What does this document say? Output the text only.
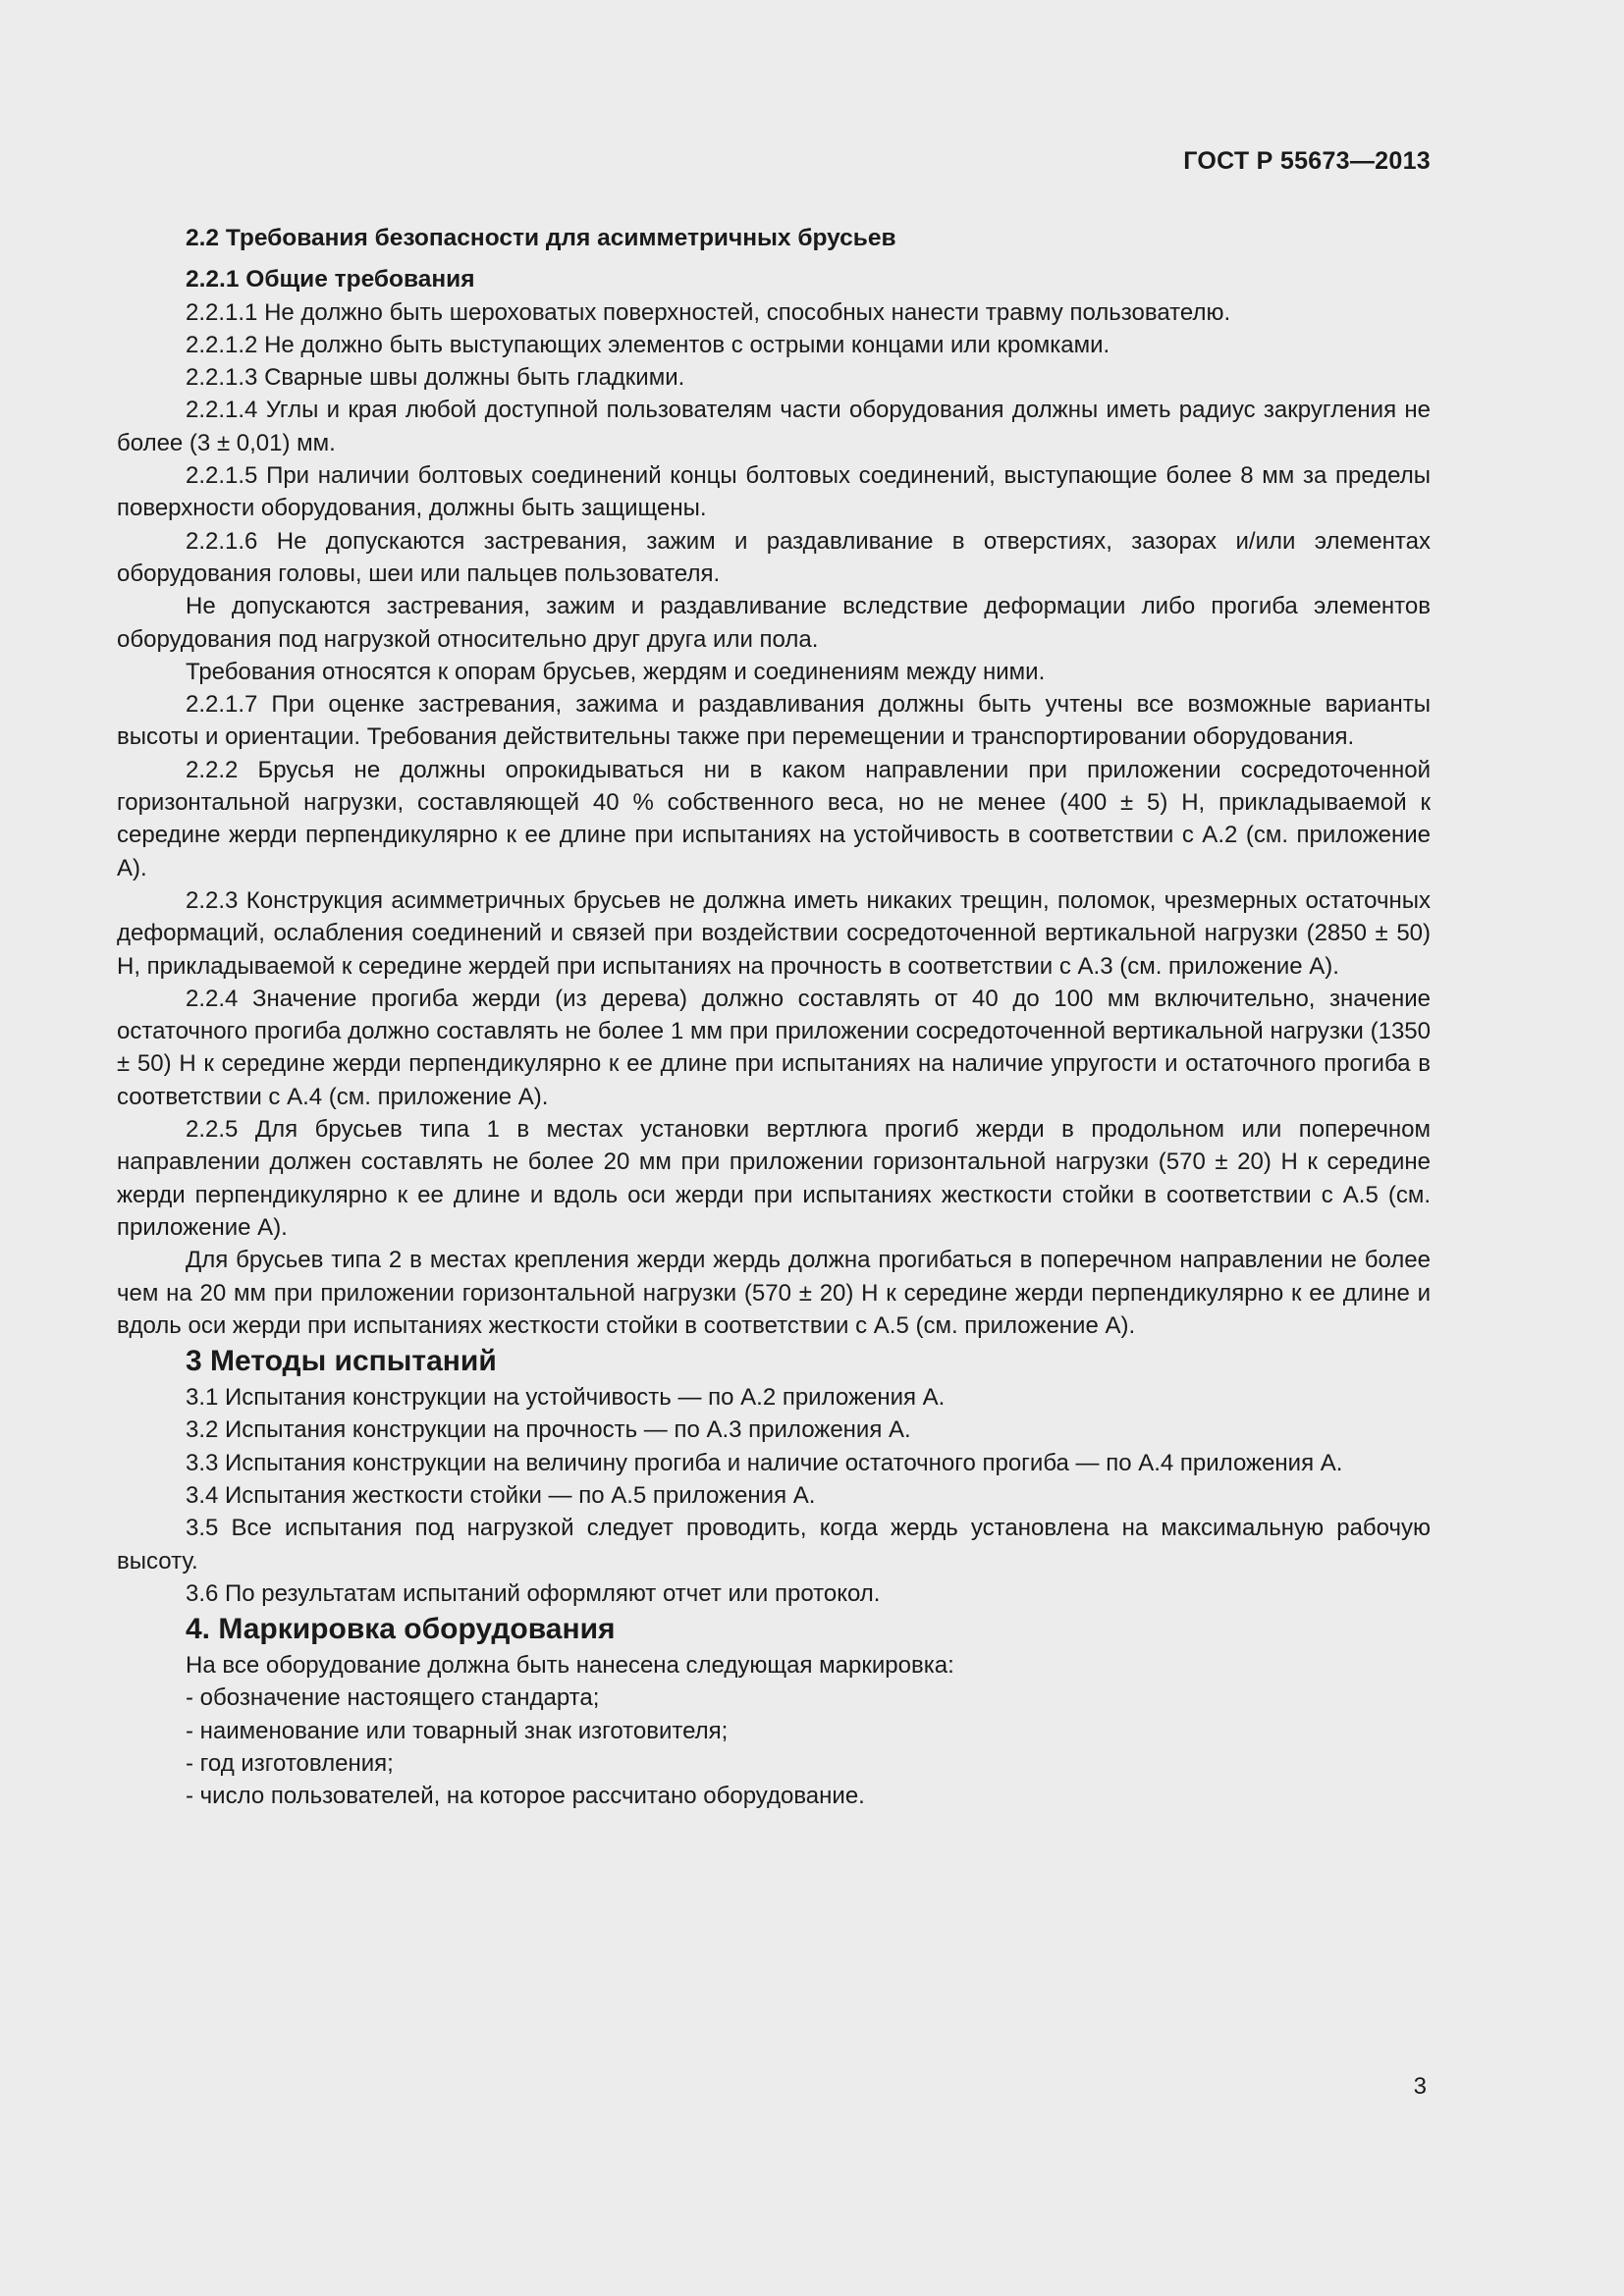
ГОСТ Р 55673—2013

2.2 Требования безопасности для асимметричных брусьев

2.2.1 Общие требования

2.2.1.1 Не должно быть шероховатых поверхностей, способных нанести травму пользователю.

2.2.1.2 Не должно быть выступающих элементов с острыми концами или кромками.

2.2.1.3 Сварные швы должны быть гладкими.

2.2.1.4 Углы и края любой доступной пользователям части оборудования должны иметь радиус закругления не более (3 ± 0,01) мм.

2.2.1.5 При наличии болтовых соединений концы болтовых соединений, выступающие более 8 мм за пределы поверхности оборудования, должны быть защищены.

2.2.1.6 Не допускаются застревания, зажим и раздавливание в отверстиях, зазорах и/или элементах оборудования головы, шеи или пальцев пользователя.

Не допускаются застревания, зажим и раздавливание вследствие деформации либо прогиба элементов оборудования под нагрузкой относительно друг друга или пола.

Требования относятся к опорам брусьев, жердям и соединениям между ними.

2.2.1.7 При оценке застревания, зажима и раздавливания должны быть учтены все возможные варианты высоты и ориентации. Требования действительны также при перемещении и транспортировании оборудования.

2.2.2 Брусья не должны опрокидываться ни в каком направлении при приложении сосредоточенной горизонтальной нагрузки, составляющей 40 % собственного веса, но не менее (400 ± 5) Н, прикладываемой к середине жерди перпендикулярно к ее длине при испытаниях на устойчивость в соответствии с А.2 (см. приложение А).

2.2.3 Конструкция асимметричных брусьев не должна иметь никаких трещин, поломок, чрезмерных остаточных деформаций, ослабления соединений и связей при воздействии сосредоточенной вертикальной нагрузки (2850 ± 50) Н, прикладываемой к середине жердей при испытаниях на прочность в соответствии с А.3 (см. приложение А).

2.2.4 Значение прогиба жерди (из дерева) должно составлять от 40 до 100 мм включительно, значение остаточного прогиба должно составлять не более 1 мм при приложении сосредоточенной вертикальной нагрузки (1350 ± 50) Н к середине жерди перпендикулярно к ее длине при испытаниях на наличие упругости и остаточного прогиба в соответствии с А.4 (см. приложение А).

2.2.5 Для брусьев типа 1 в местах установки вертлюга прогиб жерди в продольном или поперечном направлении должен составлять не более 20 мм при приложении горизонтальной нагрузки (570 ± 20) Н к середине жерди перпендикулярно к ее длине и вдоль оси жерди при испытаниях жесткости стойки в соответствии с А.5 (см. приложение А).

Для брусьев типа 2 в местах крепления жерди жердь должна прогибаться в поперечном направлении не более чем на 20 мм при приложении горизонтальной нагрузки (570 ± 20) Н к середине жерди перпендикулярно к ее длине и вдоль оси жерди при испытаниях жесткости стойки в соответствии с А.5 (см. приложение А).

3 Методы испытаний

3.1 Испытания конструкции на устойчивость — по А.2 приложения А.

3.2 Испытания конструкции на прочность — по А.3 приложения А.

3.3 Испытания конструкции на величину прогиба и наличие остаточного прогиба — по А.4 приложения А.

3.4 Испытания жесткости стойки — по А.5 приложения А.

3.5 Все испытания под нагрузкой следует проводить, когда жердь установлена на максимальную рабочую высоту.

3.6 По результатам испытаний оформляют отчет или протокол.

4. Маркировка оборудования

На все оборудование должна быть нанесена следующая маркировка:

- обозначение настоящего стандарта;

- наименование или товарный знак изготовителя;

- год изготовления;

- число пользователей, на которое рассчитано оборудование.

3
